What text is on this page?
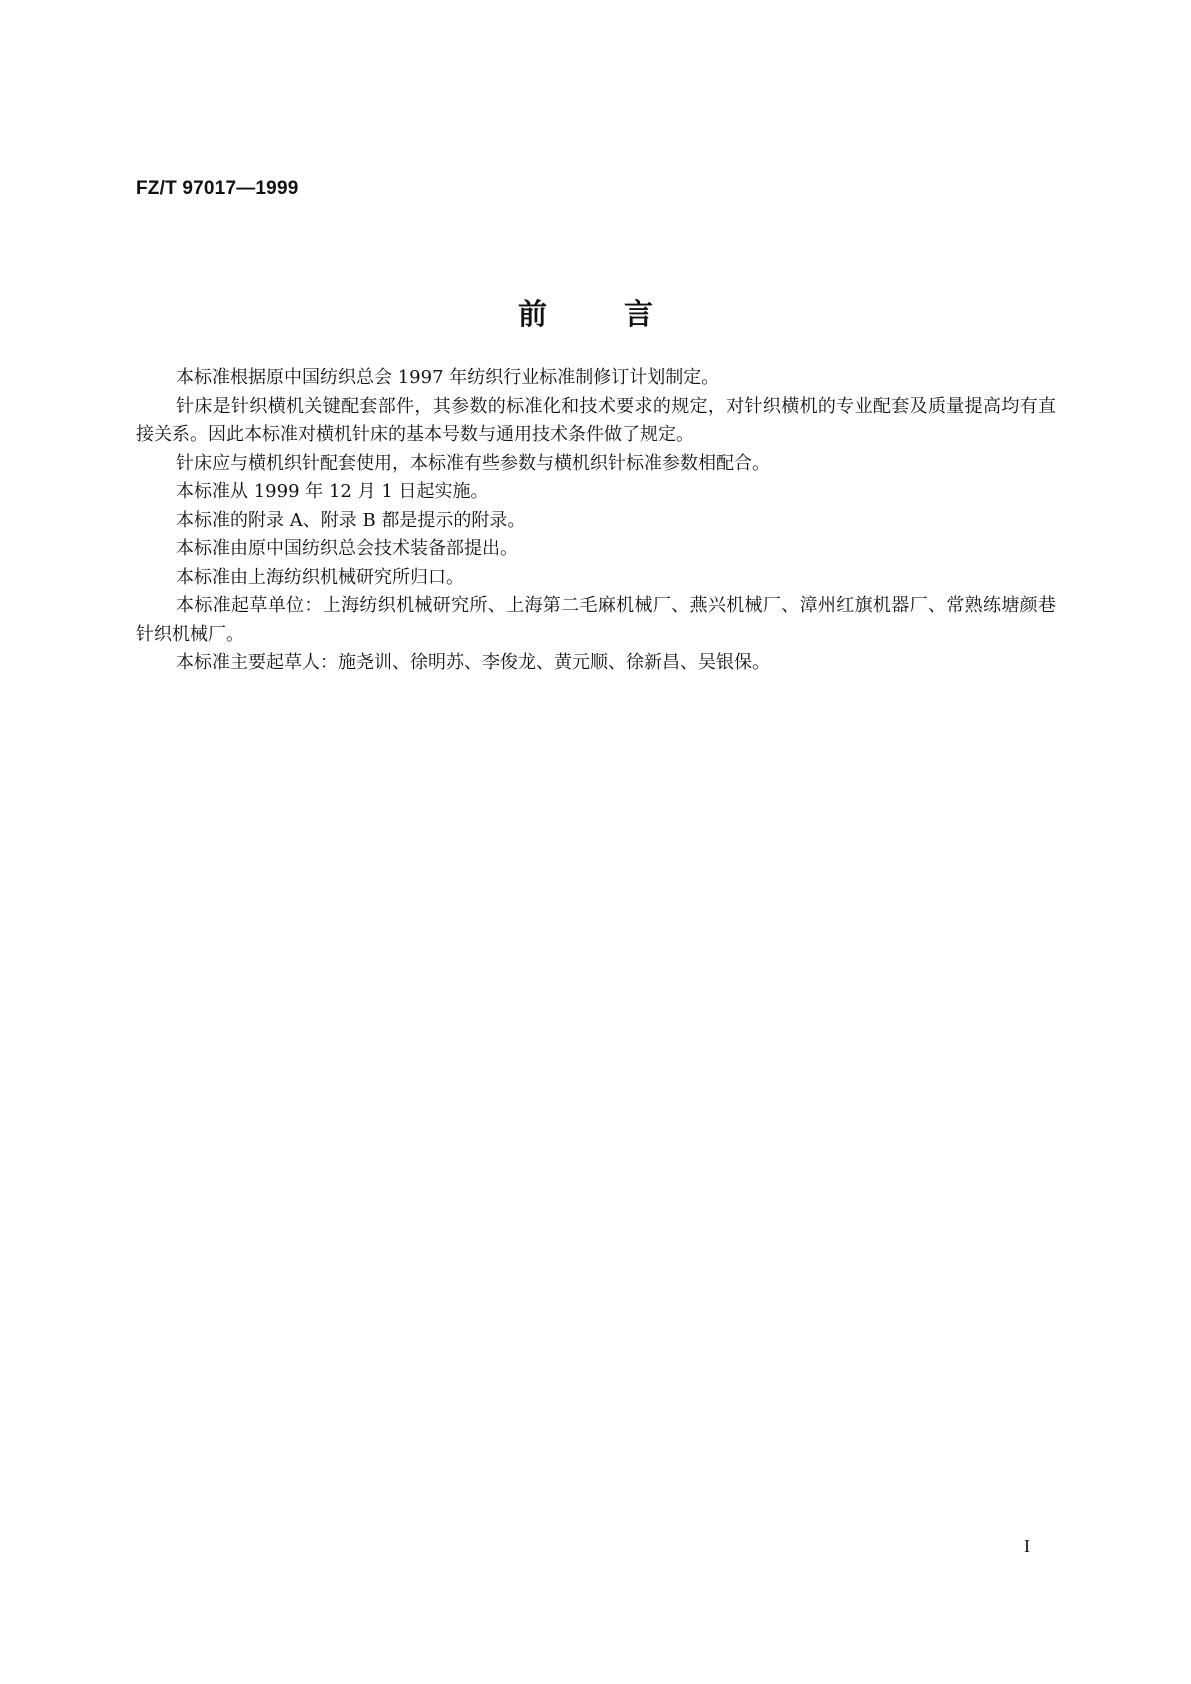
FZ/T 97017—1999
前	言

本标准根据原中国纺织总会 1997 年纺织行业标准制修订计划制定。

针床是针织横机关键配套部件，其参数的标准化和技术要求的规定，对针织横机的专业配套及质量提高均有直接关系。因此本标准对横机针床的基本号数与通用技术条件做了规定。

针床应与横机织针配套使用，本标准有些参数与横机织针标准参数相配合。

本标准从 1999 年 12 月 1 日起实施。

本标准的附录 A、附录 B 都是提示的附录。

本标准由原中国纺织总会技术装备部提出。

本标准由上海纺织机械研究所归口。

本标准起草单位：上海纺织机械研究所、上海第二毛麻机械厂、燕兴机械厂、漳州红旗机器厂、常熟练塘颜巷针织机械厂。

本标准主要起草人：施尧训、徐明苏、李俊龙、黄元顺、徐新昌、吴银保。

I
